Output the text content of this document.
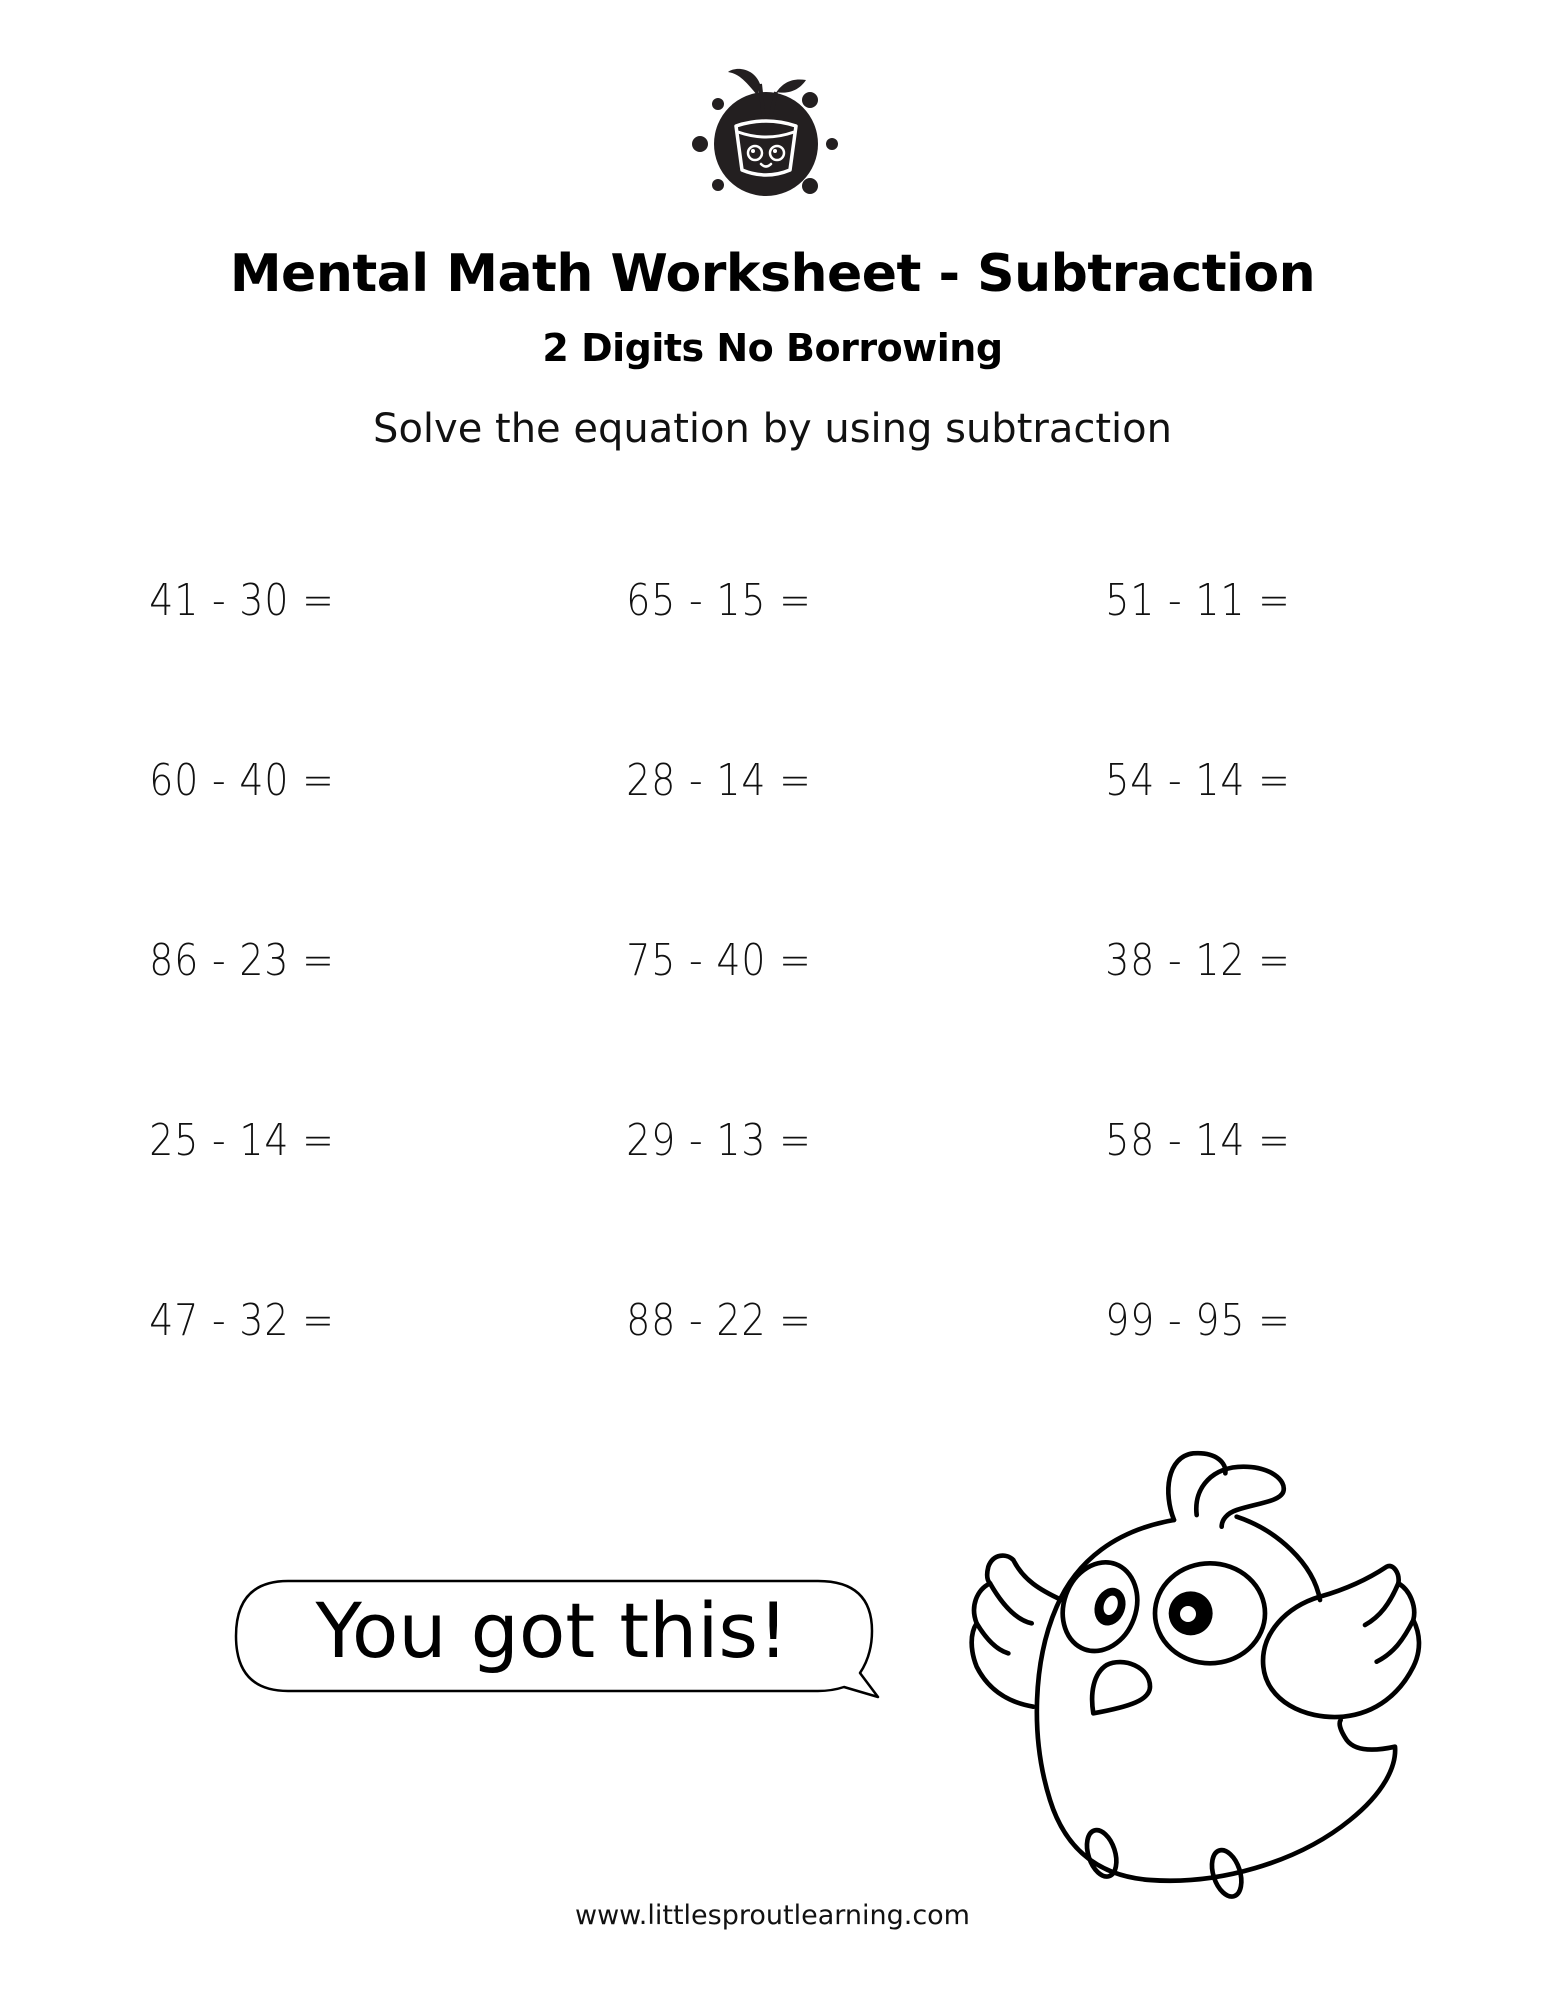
Mental Math Worksheet - Subtraction
2 Digits No Borrowing
Solve the equation by using subtraction
41 - 30 =	65 - 15 =	51 - 11 =
60 - 40 =	28 - 14 =	54 - 14 =
86 - 23 =	75 - 40 =	38 - 12 =
25 - 14 =	29 - 13 =	58 - 14 =
47 - 32 =	88 - 22 =	99 - 95 =
You got this!
www.littlesproutlearning.com
